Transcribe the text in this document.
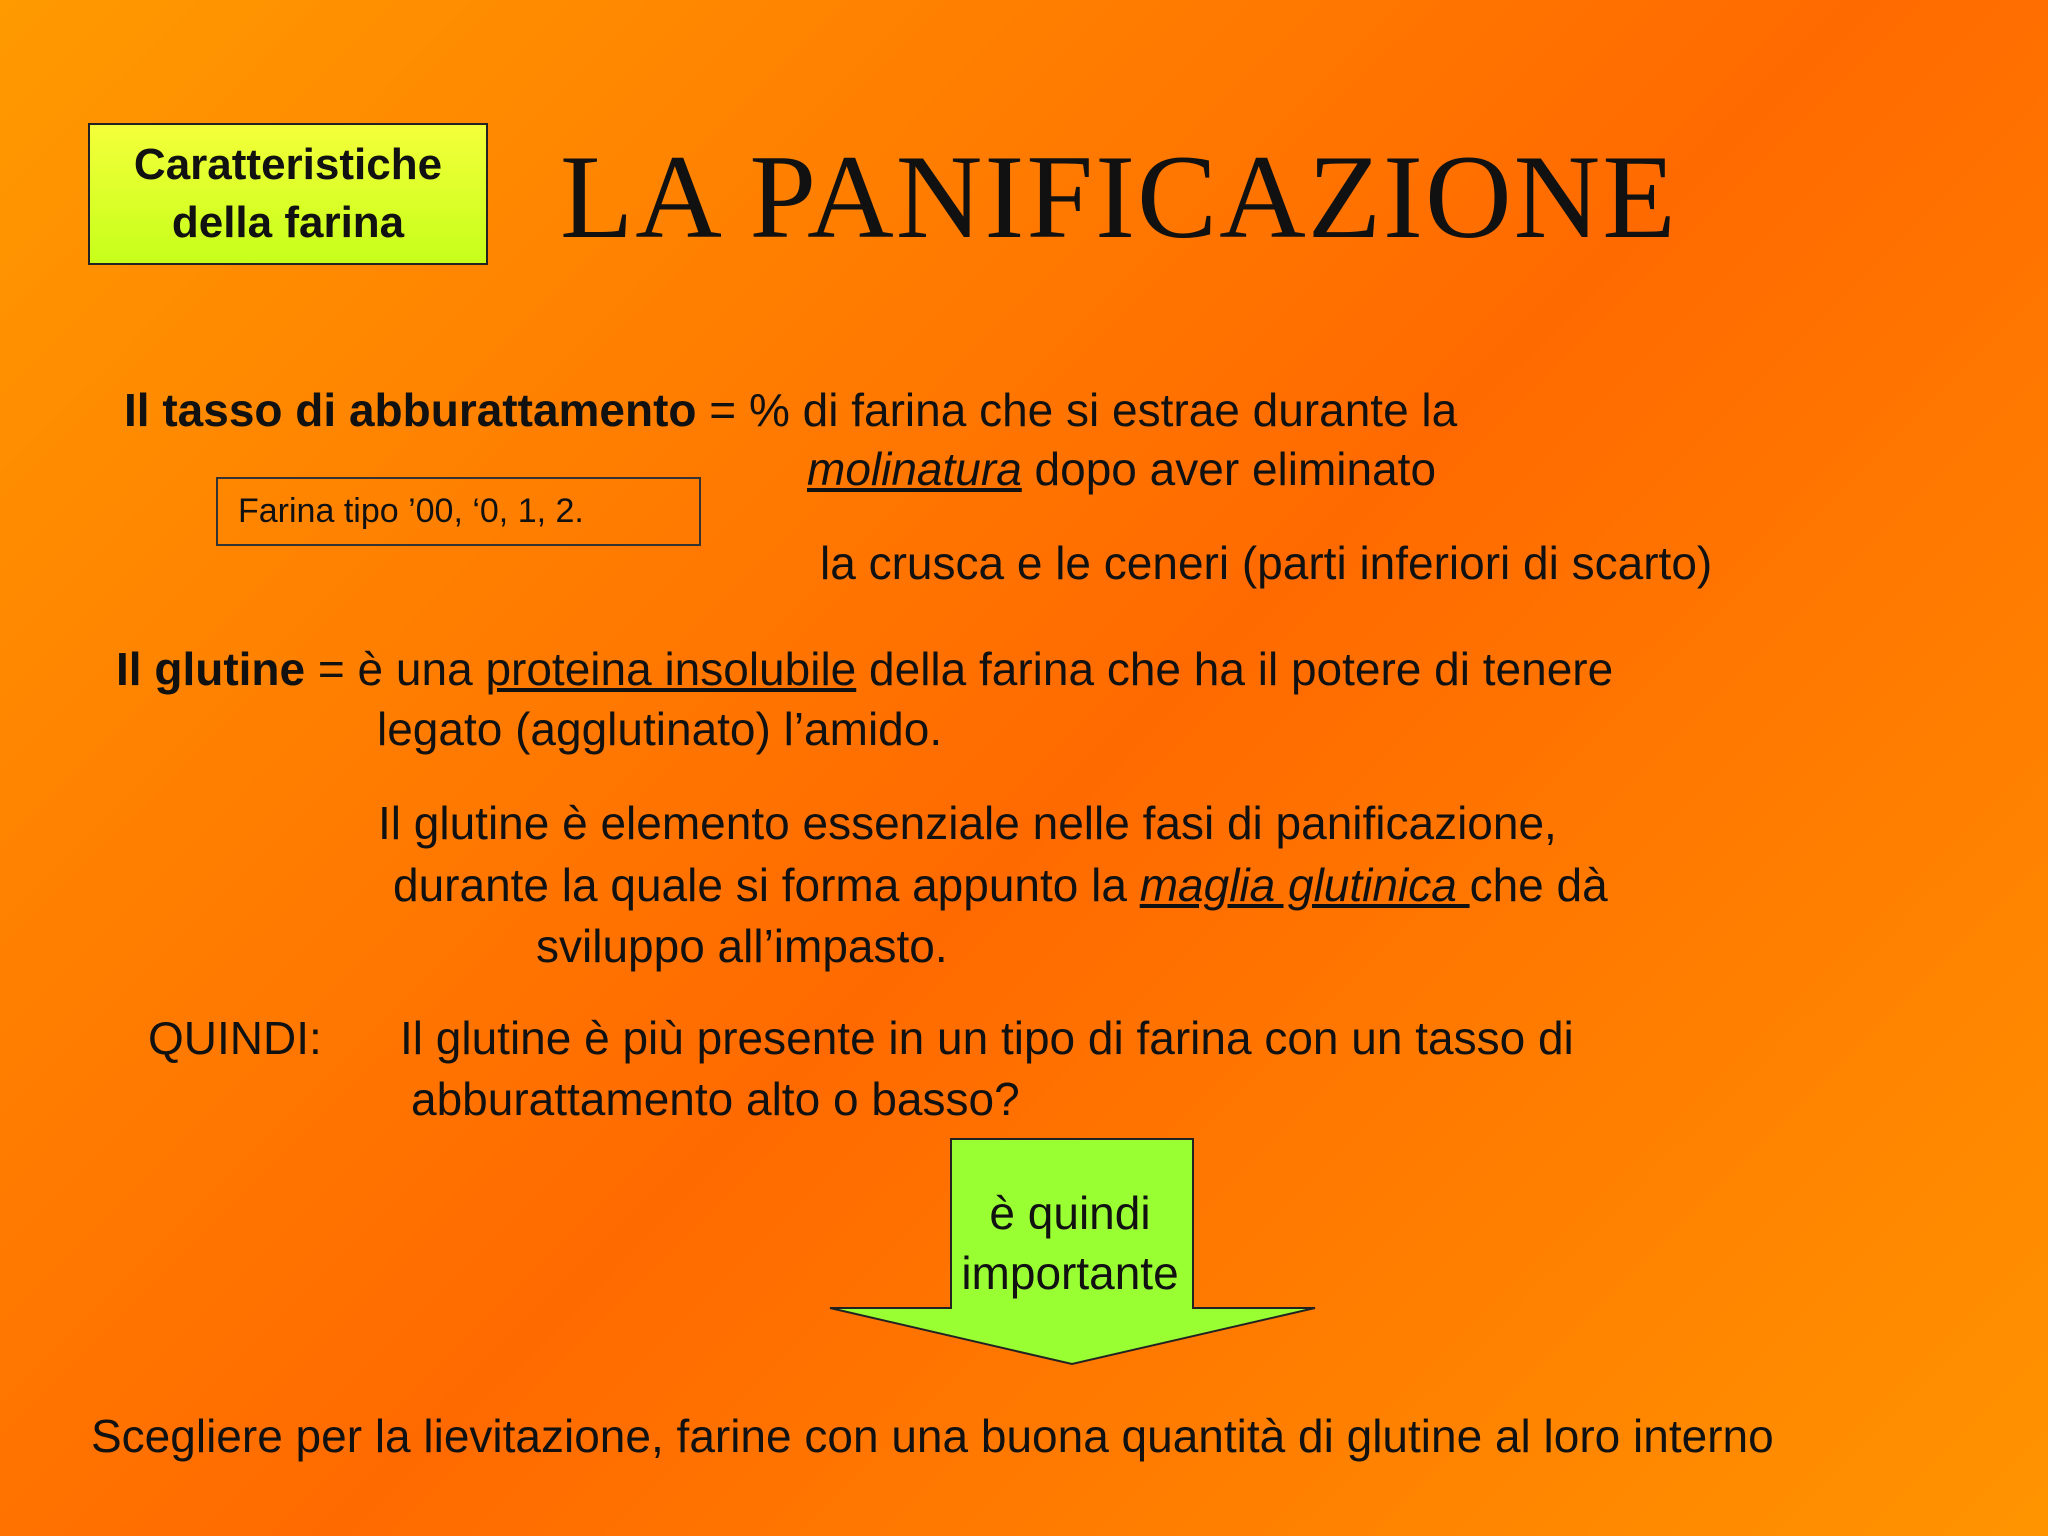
Caratteristiche
della farina LA PANIFICAZIONE
Il tasso di abburattamento = % di farina che si estrae durante la
molinatura dopo aver eliminato
la crusca e le ceneri (parti inferiori di scarto)
Farina tipo ’00, ‘0, 1, 2.
Il glutine = è una proteina insolubile della farina che ha il potere di tenere
legato (agglutinato) l’amido.
Il glutine è elemento essenziale nelle fasi di panificazione,
durante la quale si forma appunto la maglia glutinica che dà
sviluppo all’impasto.
QUINDI: Il glutine è più presente in un tipo di farina con un tasso di
abburattamento alto o basso?
è quindi
importante
Scegliere per la lievitazione, farine con una buona quantità di glutine al loro interno
